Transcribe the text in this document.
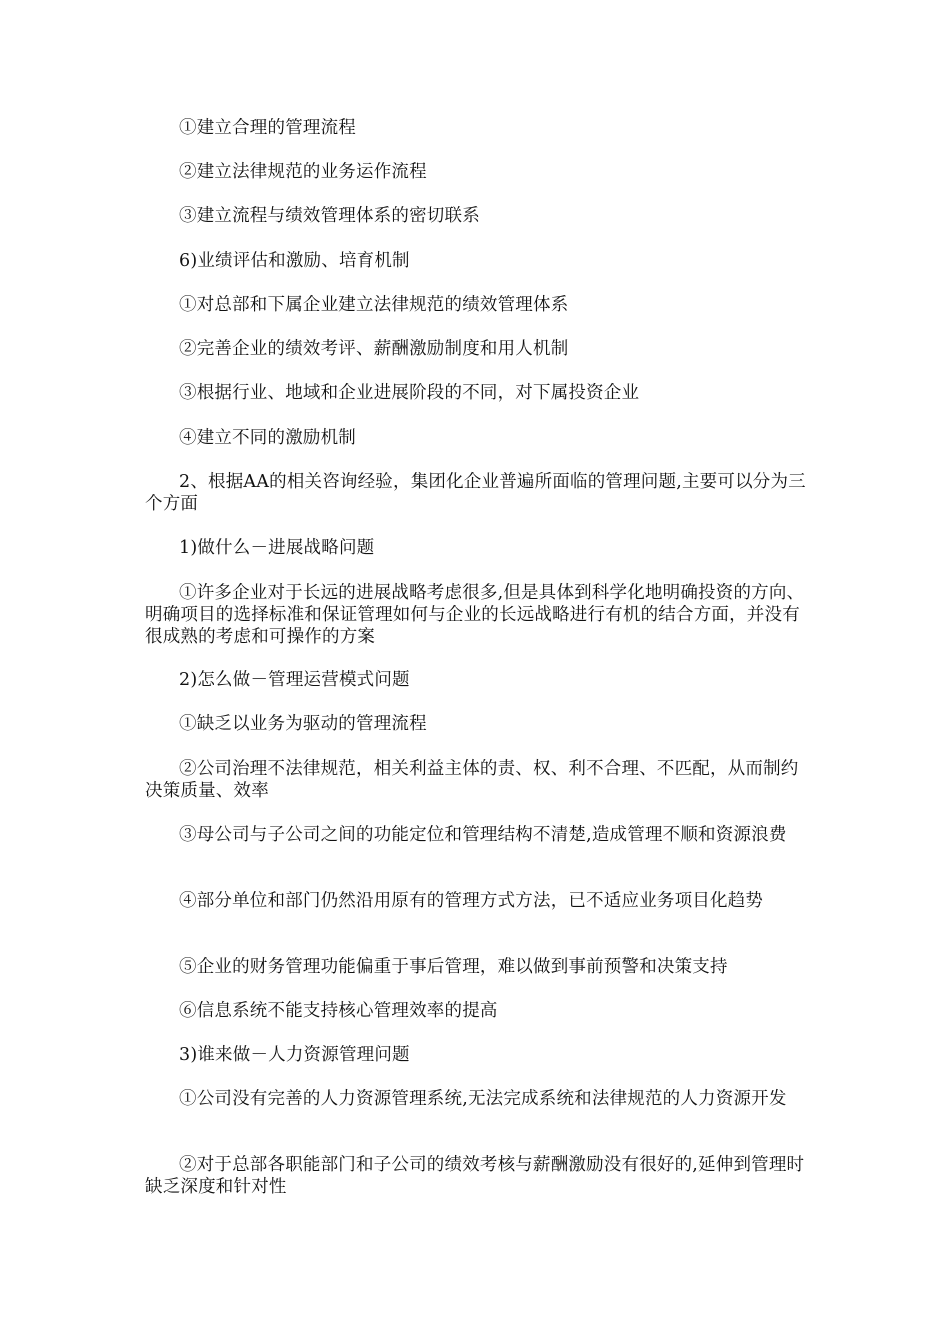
①建立合理的管理流程

②建立法律规范的业务运作流程

③建立流程与绩效管理体系的密切联系

6)业绩评估和激励、培育机制

①对总部和下属企业建立法律规范的绩效管理体系

②完善企业的绩效考评、薪酬激励制度和用人机制

③根据行业、地域和企业进展阶段的不同，对下属投资企业

④建立不同的激励机制

2、根据AA的相关咨询经验，集团化企业普遍所面临的管理问题,主要可以分为三个方面

1)做什么－进展战略问题

①许多企业对于长远的进展战略考虑很多,但是具体到科学化地明确投资的方向、明确项目的选择标准和保证管理如何与企业的长远战略进行有机的结合方面，并没有很成熟的考虑和可操作的方案

2)怎么做－管理运营模式问题

①缺乏以业务为驱动的管理流程

②公司治理不法律规范，相关利益主体的责、权、利不合理、不匹配，从而制约决策质量、效率

③母公司与子公司之间的功能定位和管理结构不清楚,造成管理不顺和资源浪费

④部分单位和部门仍然沿用原有的管理方式方法，已不适应业务项目化趋势

⑤企业的财务管理功能偏重于事后管理，难以做到事前预警和决策支持

⑥信息系统不能支持核心管理效率的提高

3)谁来做－人力资源管理问题

①公司没有完善的人力资源管理系统,无法完成系统和法律规范的人力资源开发

②对于总部各职能部门和子公司的绩效考核与薪酬激励没有很好的,延伸到管理时缺乏深度和针对性
